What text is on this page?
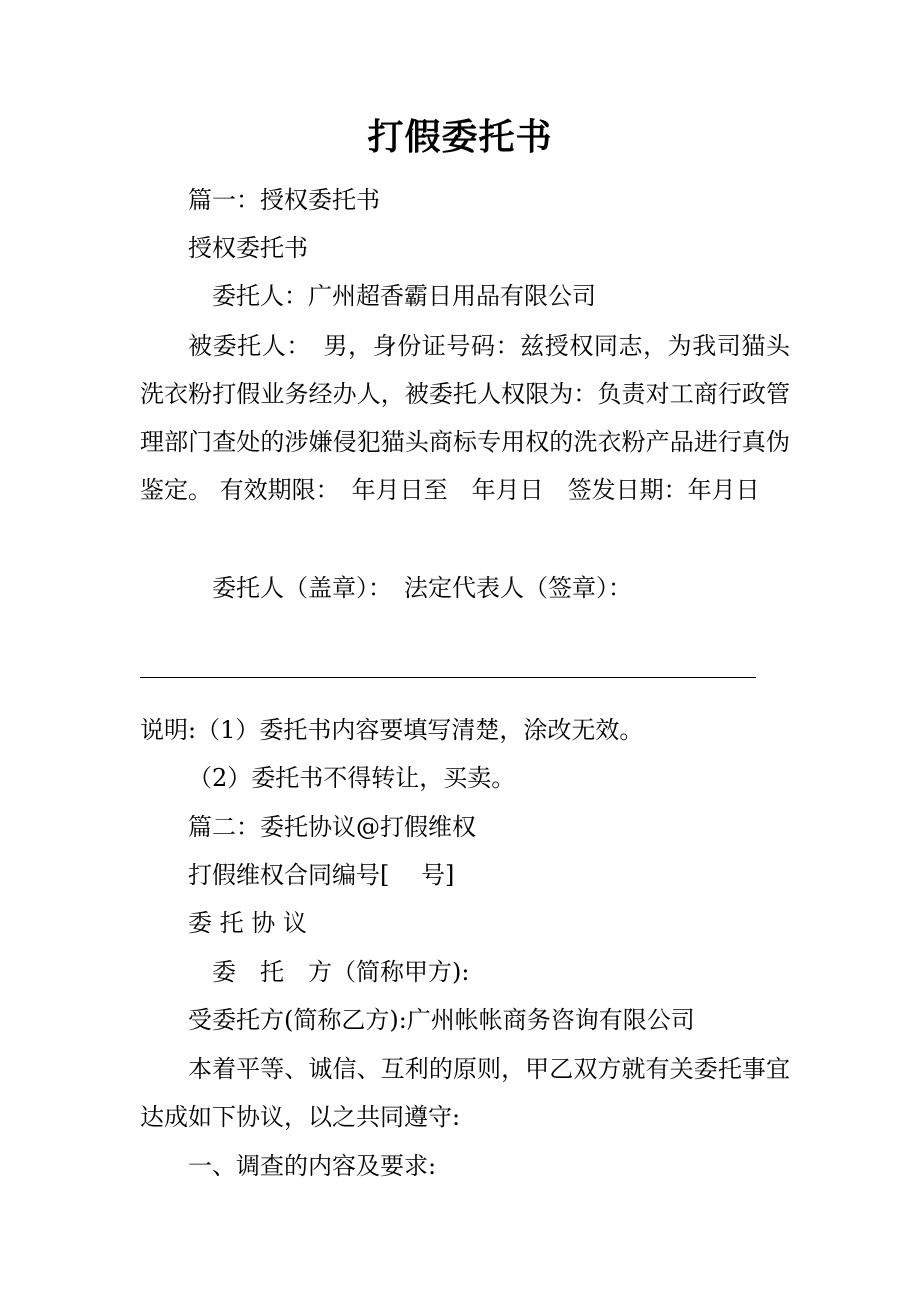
打假委托书

篇一：授权委托书

授权委托书

委托人：广州超香霸日用品有限公司

被委托人：　男，身份证号码：兹授权同志，为我司猫头洗衣粉打假业务经办人，被委托人权限为：负责对工商行政管理部门查处的涉嫌侵犯猫头商标专用权的洗衣粉产品进行真伪鉴定。 有效期限：　年月日至　年月日　签发日期：年月日

委托人（盖章）：　法定代表人（签章）：

说明:（1）委托书内容要填写清楚，涂改无效。

（2）委托书不得转让，买卖。

篇二：委托协议@打假维权

打假维权合同编号[　 号]

委 托 协 议

委　托　方（简称甲方):

受委托方(简称乙方):广州帐帐商务咨询有限公司

本着平等、诚信、互利的原则，甲乙双方就有关委托事宜达成如下协议，以之共同遵守:

一、调查的内容及要求:
